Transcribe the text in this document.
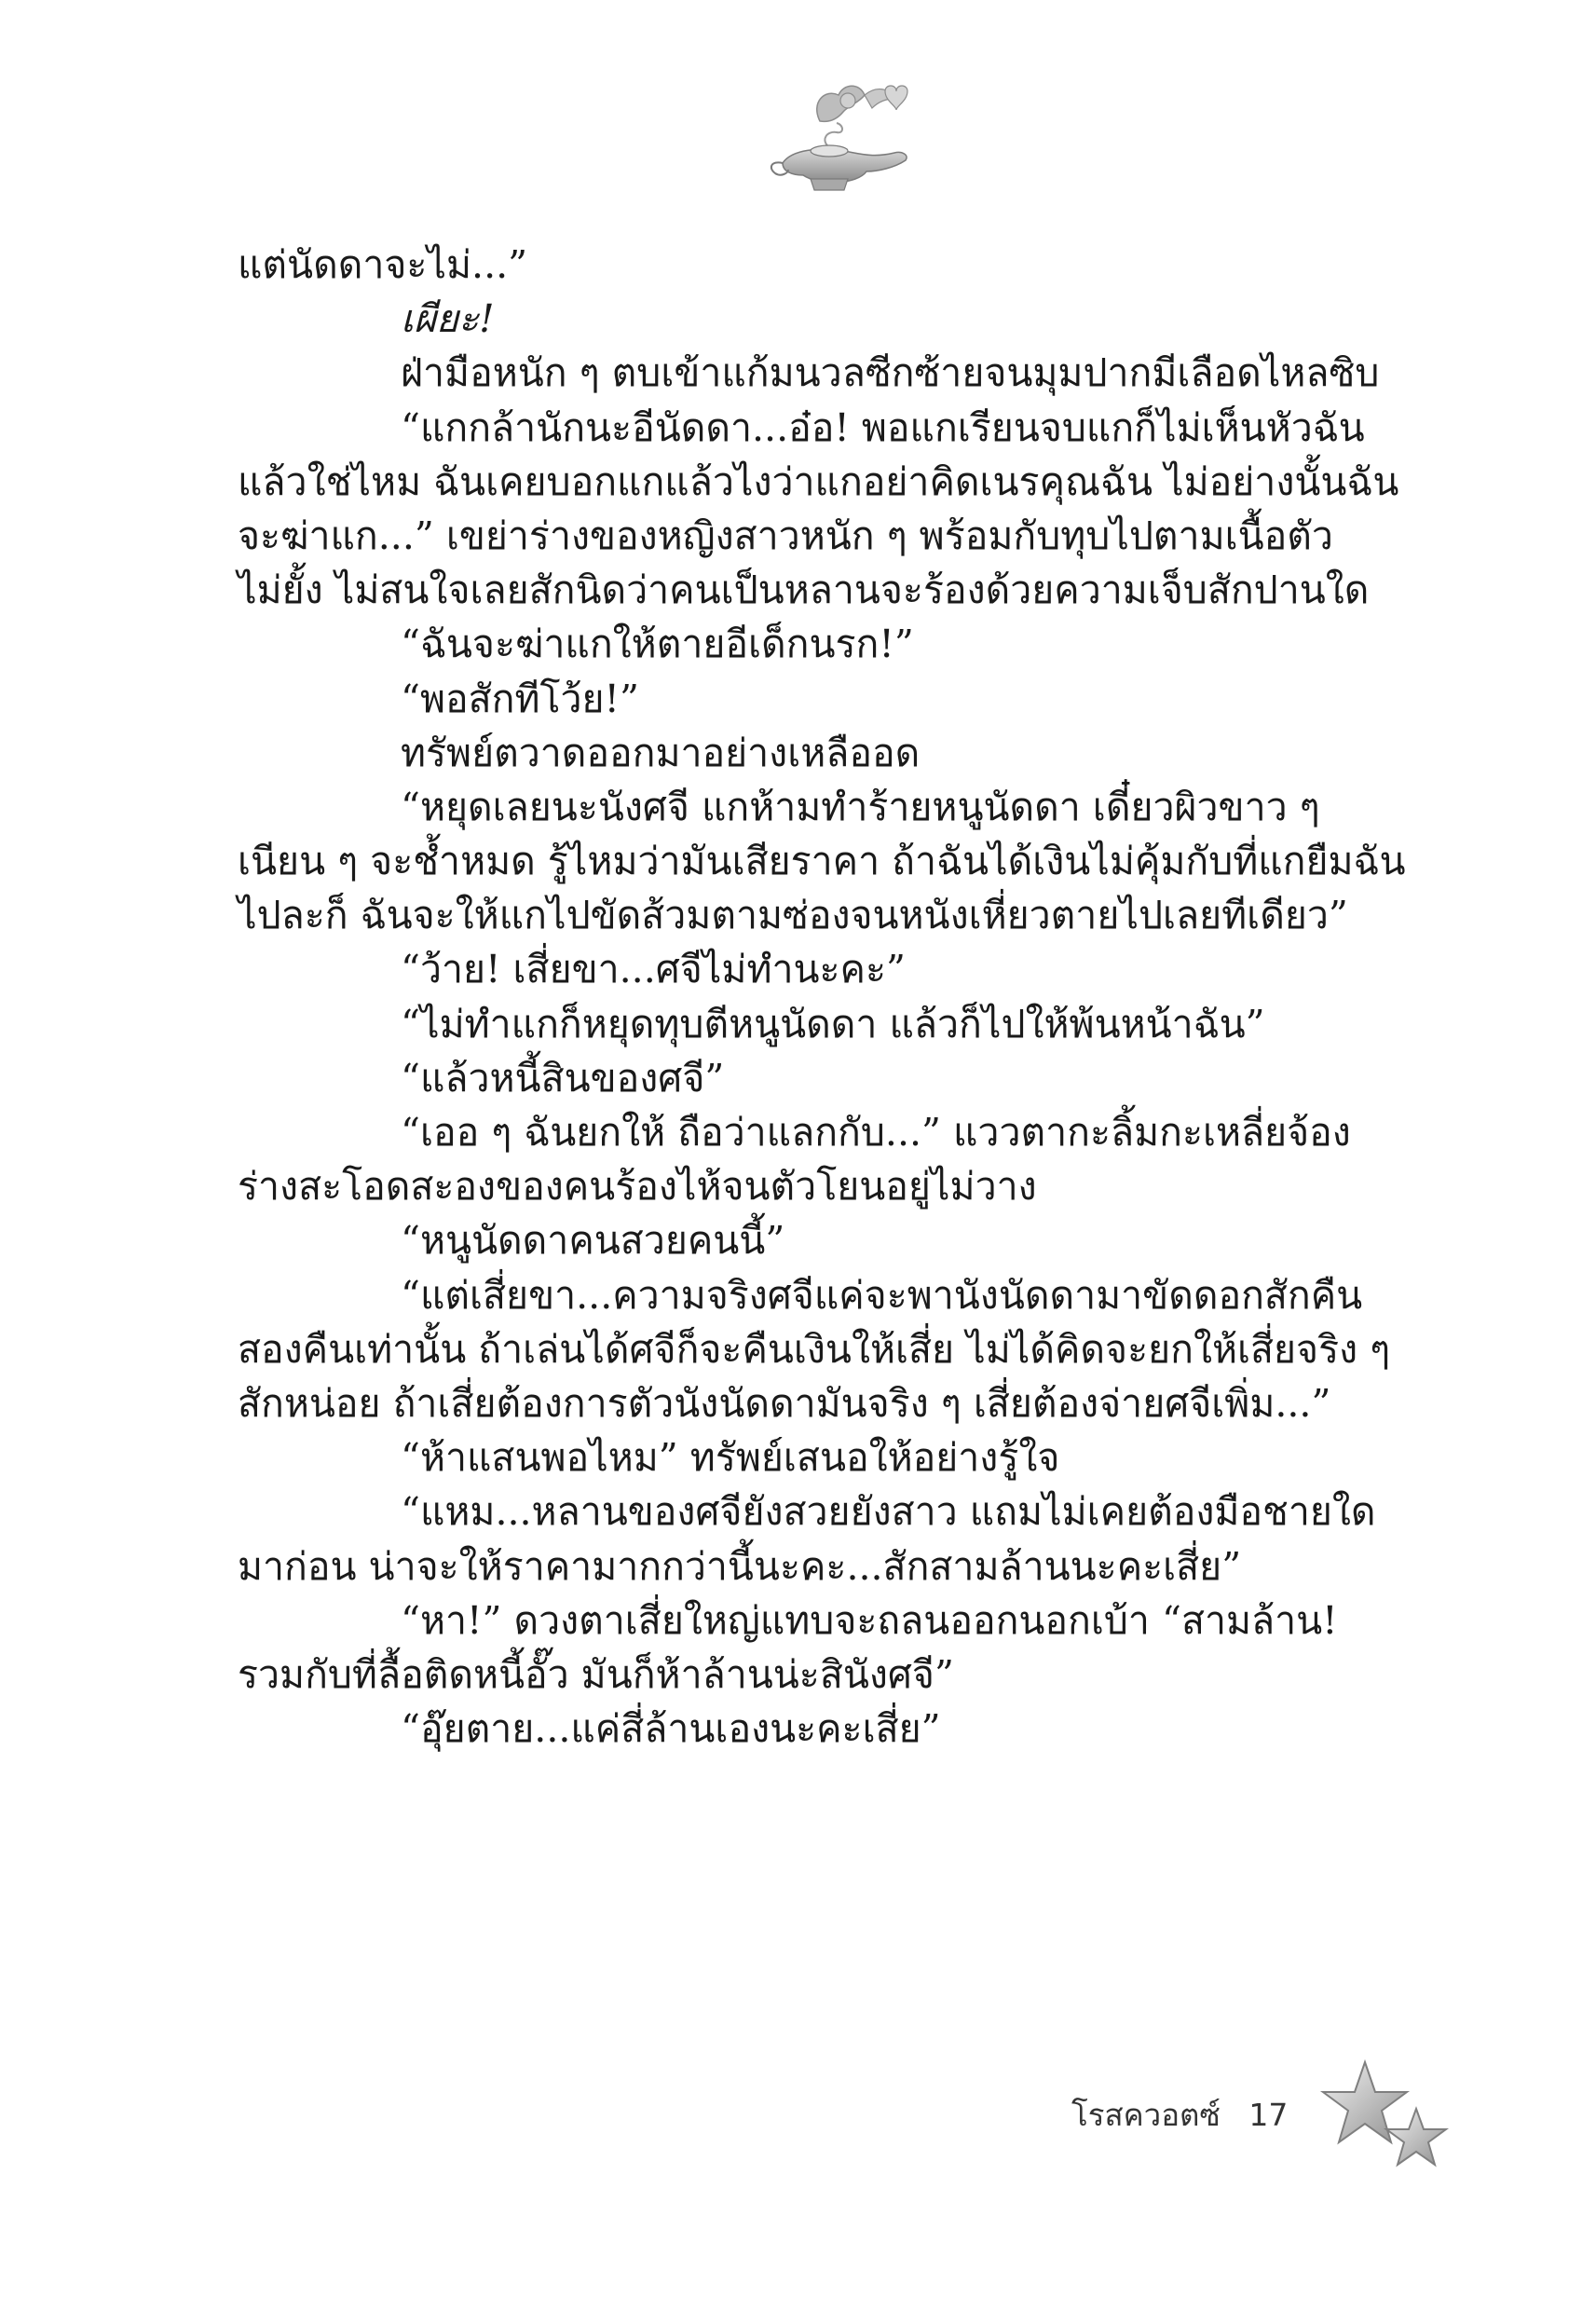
แต่นัดดาจะไม่...”
เผียะ!
ฝ่ามือหนัก ๆ ตบเข้าแก้มนวลซีกซ้ายจนมุมปากมีเลือดไหลซิบ
“แกกล้านักนะอีนัดดา...อ๋อ! พอแกเรียนจบแกก็ไม่เห็นหัวฉัน
แล้วใช่ไหม ฉันเคยบอกแกแล้วไงว่าแกอย่าคิดเนรคุณฉัน ไม่อย่างนั้นฉัน
จะฆ่าแก...” เขย่าร่างของหญิงสาวหนัก ๆ พร้อมกับทุบไปตามเนื้อตัว
ไม่ยั้ง ไม่สนใจเลยสักนิดว่าคนเป็นหลานจะร้องด้วยความเจ็บสักปานใด
“ฉันจะฆ่าแกให้ตายอีเด็กนรก!”
“พอสักทีโว้ย!”
ทรัพย์ตวาดออกมาอย่างเหลืออด
“หยุดเลยนะนังศจี แกห้ามทำร้ายหนูนัดดา เดี๋ยวผิวขาว ๆ
เนียน ๆ จะช้ำหมด รู้ไหมว่ามันเสียราคา ถ้าฉันได้เงินไม่คุ้มกับที่แกยืมฉัน
ไปละก็ ฉันจะให้แกไปขัดส้วมตามซ่องจนหนังเหี่ยวตายไปเลยทีเดียว”
“ว้าย! เสี่ยขา...ศจีไม่ทำนะคะ”
“ไม่ทำแกก็หยุดทุบตีหนูนัดดา แล้วก็ไปให้พ้นหน้าฉัน”
“แล้วหนี้สินของศจี”
“เออ ๆ ฉันยกให้ ถือว่าแลกกับ...” แววตากะลิ้มกะเหลี่ยจ้อง
ร่างสะโอดสะองของคนร้องไห้จนตัวโยนอยู่ไม่วาง
“หนูนัดดาคนสวยคนนี้”
“แต่เสี่ยขา...ความจริงศจีแค่จะพานังนัดดามาขัดดอกสักคืน
สองคืนเท่านั้น ถ้าเล่นได้ศจีก็จะคืนเงินให้เสี่ย ไม่ได้คิดจะยกให้เสี่ยจริง ๆ
สักหน่อย ถ้าเสี่ยต้องการตัวนังนัดดามันจริง ๆ เสี่ยต้องจ่ายศจีเพิ่ม...”
“ห้าแสนพอไหม” ทรัพย์เสนอให้อย่างรู้ใจ
“แหม...หลานของศจียังสวยยังสาว แถมไม่เคยต้องมือชายใด
มาก่อน น่าจะให้ราคามากกว่านี้นะคะ...สักสามล้านนะคะเสี่ย”
“หา!” ดวงตาเสี่ยใหญ่แทบจะถลนออกนอกเบ้า “สามล้าน!
รวมกับที่ลื้อติดหนี้อั๊ว มันก็ห้าล้านน่ะสินังศจี”
“อุ๊ยตาย...แค่สี่ล้านเองนะคะเสี่ย”
โรสควอตซ์ 17
